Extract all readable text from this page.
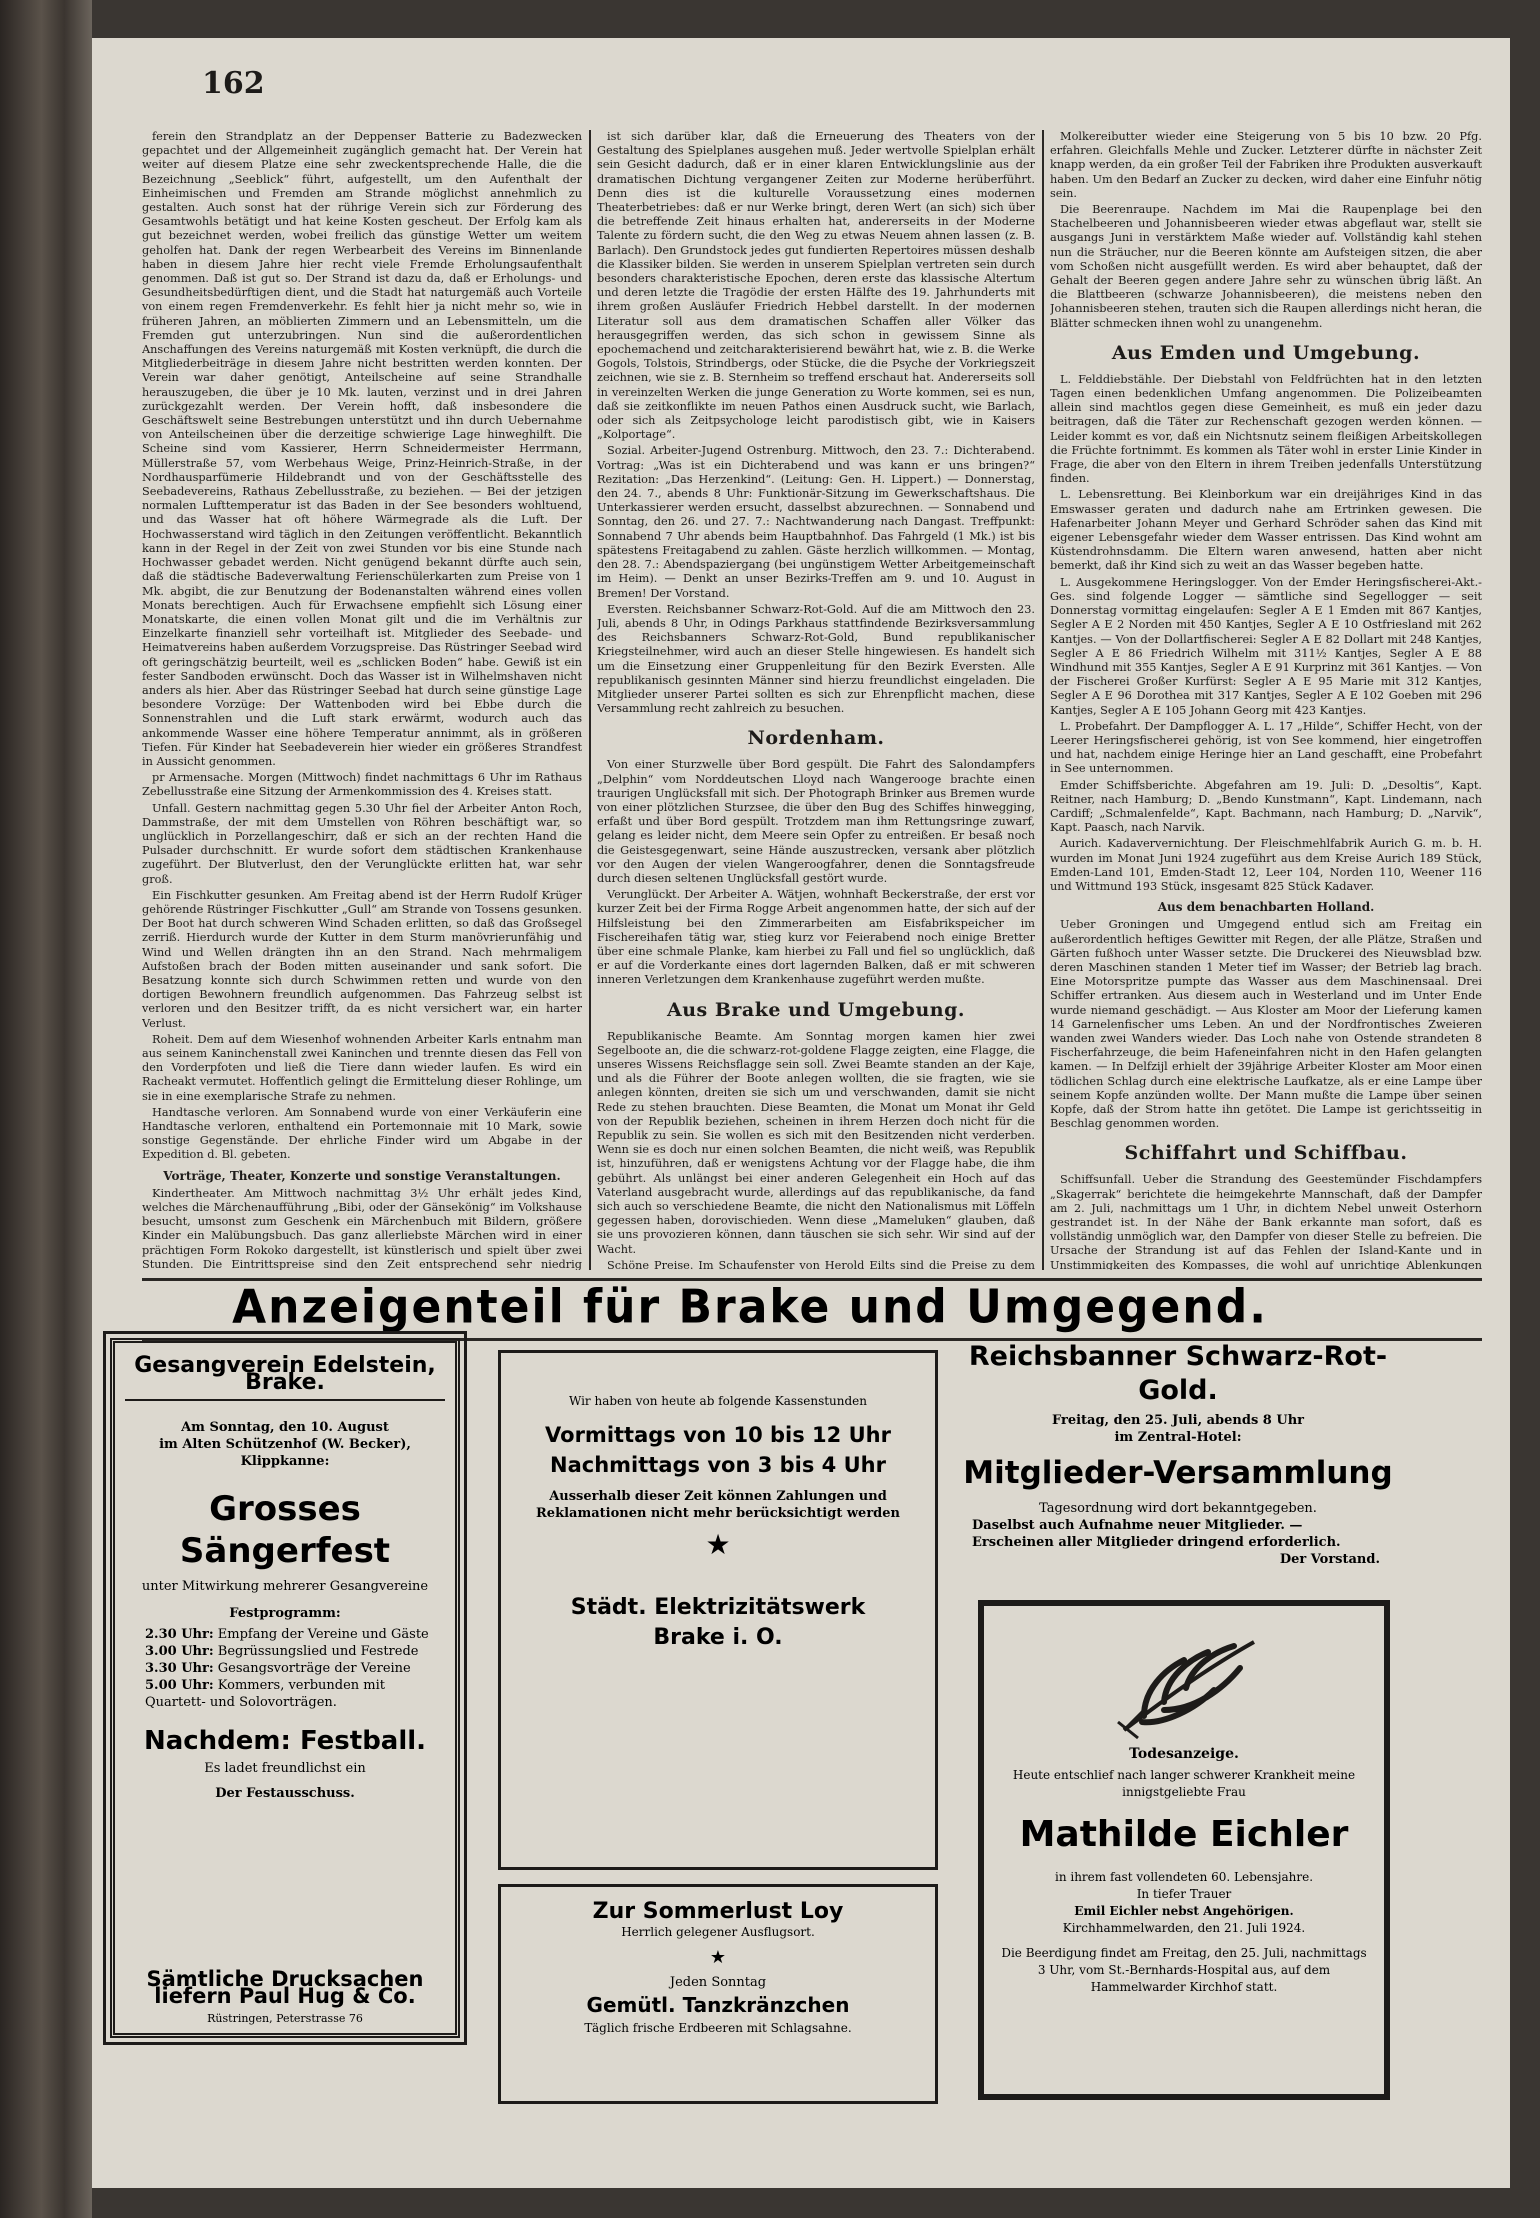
162

ferein den Strandplatz an der Deppenser Batterie zu Badezwecken gepachtet und der Allgemeinheit zugänglich gemacht hat. Der Verein hat weiter auf diesem Platze eine sehr zweckentsprechende Halle, die die Bezeichnung „Seeblick“ führt, aufgestellt, um den Aufenthalt der Einheimischen und Fremden am Strande möglichst annehmlich zu gestalten. Auch sonst hat der rührige Verein sich zur Förderung des Gesamtwohls betätigt und hat keine Kosten gescheut. Der Erfolg kam als gut bezeichnet werden, wobei freilich das günstige Wetter um weitem geholfen hat. Dank der regen Werbearbeit des Vereins im Binnenlande haben in diesem Jahre hier recht viele Fremde Erholungsaufenthalt genommen. Daß ist gut so. Der Strand ist dazu da, daß er Erholungs- und Gesundheitsbedürftigen dient, und die Stadt hat naturgemäß auch Vorteile von einem regen Fremdenverkehr. Es fehlt hier ja nicht mehr so, wie in früheren Jahren, an möblierten Zimmern und an Lebensmitteln, um die Fremden gut unterzubringen. Nun sind die außerordentlichen Anschaffungen des Vereins naturgemäß mit Kosten verknüpft, die durch die Mitgliederbeiträge in diesem Jahre nicht bestritten werden konnten. Der Verein war daher genötigt, Anteilscheine auf seine Strandhalle herauszugeben, die über je 10 Mk. lauten, verzinst und in drei Jahren zurückgezahlt werden. Der Verein hofft, daß insbesondere die Geschäftswelt seine Bestrebungen unterstützt und ihn durch Uebernahme von Anteilscheinen über die derzeitige schwierige Lage hinweghilft. Die Scheine sind vom Kassierer, Herrn Schneidermeister Herrmann, Müllerstraße 57, vom Werbehaus Weige, Prinz-Heinrich-Straße, in der Nordhausparfümerie Hildebrandt und von der Geschäftsstelle des Seebadevereins, Rathaus Zebellusstraße, zu beziehen. — Bei der jetzigen normalen Lufttemperatur ist das Baden in der See besonders wohltuend, und das Wasser hat oft höhere Wärmegrade als die Luft. Der Hochwasserstand wird täglich in den Zeitungen veröffentlicht. Bekanntlich kann in der Regel in der Zeit von zwei Stunden vor bis eine Stunde nach Hochwasser gebadet werden. Nicht genügend bekannt dürfte auch sein, daß die städtische Badeverwaltung Ferienschülerkarten zum Preise von 1 Mk. abgibt, die zur Benutzung der Bodenanstalten während eines vollen Monats berechtigen. Auch für Erwachsene empfiehlt sich Lösung einer Monatskarte, die einen vollen Monat gilt und die im Verhältnis zur Einzelkarte finanziell sehr vorteilhaft ist. Mitglieder des Seebade- und Heimatvereins haben außerdem Vorzugspreise. Das Rüstringer Seebad wird oft geringschätzig beurteilt, weil es „schlicken Boden“ habe. Gewiß ist ein fester Sandboden erwünscht. Doch das Wasser ist in Wilhelmshaven nicht anders als hier. Aber das Rüstringer Seebad hat durch seine günstige Lage besondere Vorzüge: Der Wattenboden wird bei Ebbe durch die Sonnenstrahlen und die Luft stark erwärmt, wodurch auch das ankommende Wasser eine höhere Temperatur annimmt, als in größeren Tiefen. Für Kinder hat Seebadeverein hier wieder ein größeres Strandfest in Aussicht genommen.

pr Armensache. Morgen (Mittwoch) findet nachmittags 6 Uhr im Rathaus Zebellusstraße eine Sitzung der Armenkommission des 4. Kreises statt.

Unfall. Gestern nachmittag gegen 5.30 Uhr fiel der Arbeiter Anton Roch, Dammstraße, der mit dem Umstellen von Röhren beschäftigt war, so unglücklich in Porzellangeschirr, daß er sich an der rechten Hand die Pulsader durchschnitt. Er wurde sofort dem städtischen Krankenhause zugeführt. Der Blutverlust, den der Verunglückte erlitten hat, war sehr groß.

Ein Fischkutter gesunken. Am Freitag abend ist der Herrn Rudolf Krüger gehörende Rüstringer Fischkutter „Gull“ am Strande von Tossens gesunken. Der Boot hat durch schweren Wind Schaden erlitten, so daß das Großsegel zerriß. Hierdurch wurde der Kutter in dem Sturm manövrierunfähig und Wind und Wellen drängten ihn an den Strand. Nach mehrmaligem Aufstoßen brach der Boden mitten auseinander und sank sofort. Die Besatzung konnte sich durch Schwimmen retten und wurde von den dortigen Bewohnern freundlich aufgenommen. Das Fahrzeug selbst ist verloren und den Besitzer trifft, da es nicht versichert war, ein harter Verlust.

Roheit. Dem auf dem Wiesenhof wohnenden Arbeiter Karls entnahm man aus seinem Kaninchenstall zwei Kaninchen und trennte diesen das Fell von den Vorderpfoten und ließ die Tiere dann wieder laufen. Es wird ein Racheakt vermutet. Hoffentlich gelingt die Ermittelung dieser Rohlinge, um sie in eine exemplarische Strafe zu nehmen.

Handtasche verloren. Am Sonnabend wurde von einer Verkäuferin eine Handtasche verloren, enthaltend ein Portemonnaie mit 10 Mark, sowie sonstige Gegenstände. Der ehrliche Finder wird um Abgabe in der Expedition d. Bl. gebeten.

Vorträge, Theater, Konzerte und sonstige Veranstaltungen.

Kindertheater. Am Mittwoch nachmittag 3½ Uhr erhält jedes Kind, welches die Märchenaufführung „Bibi, oder der Gänsekönig“ im Volkshause besucht, umsonst zum Geschenk ein Märchenbuch mit Bildern, größere Kinder ein Malübungsbuch. Das ganz allerliebste Märchen wird in einer prächtigen Form Rokoko dargestellt, ist künstlerisch und spielt über zwei Stunden. Die Eintrittspreise sind den Zeit entsprechend sehr niedrig

ist sich darüber klar, daß die Erneuerung des Theaters von der Gestaltung des Spielplanes ausgehen muß. Jeder wertvolle Spielplan erhält sein Gesicht dadurch, daß er in einer klaren Entwicklungslinie aus der dramatischen Dichtung vergangener Zeiten zur Moderne herüberführt. Denn dies ist die kulturelle Voraussetzung eines modernen Theaterbetriebes: daß er nur Werke bringt, deren Wert (an sich) sich über die betreffende Zeit hinaus erhalten hat, andererseits in der Moderne Talente zu fördern sucht, die den Weg zu etwas Neuem ahnen lassen (z. B. Barlach). Den Grundstock jedes gut fundierten Repertoires müssen deshalb die Klassiker bilden. Sie werden in unserem Spielplan vertreten sein durch besonders charakteristische Epochen, deren erste das klassische Altertum und deren letzte die Tragödie der ersten Hälfte des 19. Jahrhunderts mit ihrem großen Ausläufer Friedrich Hebbel darstellt. In der modernen Literatur soll aus dem dramatischen Schaffen aller Völker das herausgegriffen werden, das sich schon in gewissem Sinne als epochemachend und zeitcharakterisierend bewährt hat, wie z. B. die Werke Gogols, Tolstois, Strindbergs, oder Stücke, die die Psyche der Vorkriegszeit zeichnen, wie sie z. B. Sternheim so treffend erschaut hat. Andererseits soll in vereinzelten Werken die junge Generation zu Worte kommen, sei es nun, daß sie zeitkonflikte im neuen Pathos einen Ausdruck sucht, wie Barlach, oder sich als Zeitpsychologe leicht parodistisch gibt, wie in Kaisers „Kolportage“.

Sozial. Arbeiter-Jugend Ostrenburg. Mittwoch, den 23. 7.: Dichterabend. Vortrag: „Was ist ein Dichterabend und was kann er uns bringen?“ Rezitation: „Das Herzenkind“. (Leitung: Gen. H. Lippert.) — Donnerstag, den 24. 7., abends 8 Uhr: Funktionär-Sitzung im Gewerkschaftshaus. Die Unterkassierer werden ersucht, dasselbst abzurechnen. — Sonnabend und Sonntag, den 26. und 27. 7.: Nachtwanderung nach Dangast. Treffpunkt: Sonnabend 7 Uhr abends beim Hauptbahnhof. Das Fahrgeld (1 Mk.) ist bis spätestens Freitagabend zu zahlen. Gäste herzlich willkommen. — Montag, den 28. 7.: Abendspaziergang (bei ungünstigem Wetter Arbeitgemeinschaft im Heim). — Denkt an unser Bezirks-Treffen am 9. und 10. August in Bremen! Der Vorstand.

Eversten. Reichsbanner Schwarz-Rot-Gold. Auf die am Mittwoch den 23. Juli, abends 8 Uhr, in Odings Parkhaus stattfindende Bezirksversammlung des Reichsbanners Schwarz-Rot-Gold, Bund republikanischer Kriegsteilnehmer, wird auch an dieser Stelle hingewiesen. Es handelt sich um die Einsetzung einer Gruppenleitung für den Bezirk Eversten. Alle republikanisch gesinnten Männer sind hierzu freundlichst eingeladen. Die Mitglieder unserer Partei sollten es sich zur Ehrenpflicht machen, diese Versammlung recht zahlreich zu besuchen.

Nordenham.

Von einer Sturzwelle über Bord gespült. Die Fahrt des Salondampfers „Delphin“ vom Norddeutschen Lloyd nach Wangerooge brachte einen traurigen Unglücksfall mit sich. Der Photograph Brinker aus Bremen wurde von einer plötzlichen Sturzsee, die über den Bug des Schiffes hinwegging, erfaßt und über Bord gespült. Trotzdem man ihm Rettungsringe zuwarf, gelang es leider nicht, dem Meere sein Opfer zu entreißen. Er besaß noch die Geistesgegenwart, seine Hände auszustrecken, versank aber plötzlich vor den Augen der vielen Wangeroogfahrer, denen die Sonntagsfreude durch diesen seltenen Unglücksfall gestört wurde.

Verunglückt. Der Arbeiter A. Wätjen, wohnhaft Beckerstraße, der erst vor kurzer Zeit bei der Firma Rogge Arbeit angenommen hatte, der sich auf der Hilfsleistung bei den Zimmerarbeiten am Eisfabrikspeicher im Fischereihafen tätig war, stieg kurz vor Feierabend noch einige Bretter über eine schmale Planke, kam hierbei zu Fall und fiel so unglücklich, daß er auf die Vorderkante eines dort lagernden Balken, daß er mit schweren inneren Verletzungen dem Krankenhause zugeführt werden mußte.

Aus Brake und Umgebung.

Republikanische Beamte. Am Sonntag morgen kamen hier zwei Segelboote an, die die schwarz-rot-goldene Flagge zeigten, eine Flagge, die unseres Wissens Reichsflagge sein soll. Zwei Beamte standen an der Kaje, und als die Führer der Boote anlegen wollten, die sie fragten, wie sie anlegen könnten, dreiten sie sich um und verschwanden, damit sie nicht Rede zu stehen brauchten. Diese Beamten, die Monat um Monat ihr Geld von der Republik beziehen, scheinen in ihrem Herzen doch nicht für die Republik zu sein. Sie wollen es sich mit den Besitzenden nicht verderben. Wenn sie es doch nur einen solchen Beamten, die nicht weiß, was Republik ist, hinzuführen, daß er wenigstens Achtung vor der Flagge habe, die ihm gebührt. Als unlängst bei einer anderen Gelegenheit ein Hoch auf das Vaterland ausgebracht wurde, allerdings auf das republikanische, da fand sich auch so verschiedene Beamte, die nicht den Nationalismus mit Löffeln gegessen haben, dorovischieden. Wenn diese „Mameluken“ glauben, daß sie uns provozieren können, dann täuschen sie sich sehr. Wir sind auf der Wacht.

Schöne Preise. Im Schaufenster von Herold Eilts sind die Preise zu dem

Molkereibutter wieder eine Steigerung von 5 bis 10 bzw. 20 Pfg. erfahren. Gleichfalls Mehle und Zucker. Letzterer dürfte in nächster Zeit knapp werden, da ein großer Teil der Fabriken ihre Produkten ausverkauft haben. Um den Bedarf an Zucker zu decken, wird daher eine Einfuhr nötig sein.

Die Beerenraupe. Nachdem im Mai die Raupenplage bei den Stachelbeeren und Johannisbeeren wieder etwas abgeflaut war, stellt sie ausgangs Juni in verstärktem Maße wieder auf. Vollständig kahl stehen nun die Sträucher, nur die Beeren könnte am Aufsteigen sitzen, die aber vom Schoßen nicht ausgefüllt werden. Es wird aber behauptet, daß der Gehalt der Beeren gegen andere Jahre sehr zu wünschen übrig läßt. An die Blattbeeren (schwarze Johannisbeeren), die meistens neben den Johannisbeeren stehen, trauten sich die Raupen allerdings nicht heran, die Blätter schmecken ihnen wohl zu unangenehm.

Aus Emden und Umgebung.

L. Felddiebstähle. Der Diebstahl von Feldfrüchten hat in den letzten Tagen einen bedenklichen Umfang angenommen. Die Polizeibeamten allein sind machtlos gegen diese Gemeinheit, es muß ein jeder dazu beitragen, daß die Täter zur Rechenschaft gezogen werden können. — Leider kommt es vor, daß ein Nichtsnutz seinem fleißigen Arbeitskollegen die Früchte fortnimmt. Es kommen als Täter wohl in erster Linie Kinder in Frage, die aber von den Eltern in ihrem Treiben jedenfalls Unterstützung finden.

L. Lebensrettung. Bei Kleinborkum war ein dreijähriges Kind in das Emswasser geraten und dadurch nahe am Ertrinken gewesen. Die Hafenarbeiter Johann Meyer und Gerhard Schröder sahen das Kind mit eigener Lebensgefahr wieder dem Wasser entrissen. Das Kind wohnt am Küstendrohnsdamm. Die Eltern waren anwesend, hatten aber nicht bemerkt, daß ihr Kind sich zu weit an das Wasser begeben hatte.

L. Ausgekommene Heringslogger. Von der Emder Heringsfischerei-Akt.-Ges. sind folgende Logger — sämtliche sind Segellogger — seit Donnerstag vormittag eingelaufen: Segler A E 1 Emden mit 867 Kantjes, Segler A E 2 Norden mit 450 Kantjes, Segler A E 10 Ostfriesland mit 262 Kantjes. — Von der Dollartfischerei: Segler A E 82 Dollart mit 248 Kantjes, Segler A E 86 Friedrich Wilhelm mit 311½ Kantjes, Segler A E 88 Windhund mit 355 Kantjes, Segler A E 91 Kurprinz mit 361 Kantjes. — Von der Fischerei Großer Kurfürst: Segler A E 95 Marie mit 312 Kantjes, Segler A E 96 Dorothea mit 317 Kantjes, Segler A E 102 Goeben mit 296 Kantjes, Segler A E 105 Johann Georg mit 423 Kantjes.

L. Probefahrt. Der Dampflogger A. L. 17 „Hilde“, Schiffer Hecht, von der Leerer Heringsfischerei gehörig, ist von See kommend, hier eingetroffen und hat, nachdem einige Heringe hier an Land geschafft, eine Probefahrt in See unternommen.

Emder Schiffsberichte. Abgefahren am 19. Juli: D. „Desoltis“, Kapt. Reitner, nach Hamburg; D. „Bendo Kunstmann“, Kapt. Lindemann, nach Cardiff; „Schmalenfelde“, Kapt. Bachmann, nach Hamburg; D. „Narvik“, Kapt. Paasch, nach Narvik.

Aurich. Kadaververnichtung. Der Fleischmehlfabrik Aurich G. m. b. H. wurden im Monat Juni 1924 zugeführt aus dem Kreise Aurich 189 Stück, Emden-Land 101, Emden-Stadt 12, Leer 104, Norden 110, Weener 116 und Wittmund 193 Stück, insgesamt 825 Stück Kadaver.

Aus dem benachbarten Holland.

Ueber Groningen und Umgegend entlud sich am Freitag ein außerordentlich heftiges Gewitter mit Regen, der alle Plätze, Straßen und Gärten fußhoch unter Wasser setzte. Die Druckerei des Nieuwsblad bzw. deren Maschinen standen 1 Meter tief im Wasser; der Betrieb lag brach. Eine Motorspritze pumpte das Wasser aus dem Maschinensaal. Drei Schiffer ertranken. Aus diesem auch in Westerland und im Unter Ende wurde niemand geschädigt. — Aus Kloster am Moor der Lieferung kamen 14 Garnelenfischer ums Leben. An und der Nordfrontisches Zweieren wanden zwei Wanders wieder. Das Loch nahe von Ostende strandeten 8 Fischerfahrzeuge, die beim Hafeneinfahren nicht in den Hafen gelangten kamen. — In Delfzijl erhielt der 39jährige Arbeiter Kloster am Moor einen tödlichen Schlag durch eine elektrische Laufkatze, als er eine Lampe über seinem Kopfe anzünden wollte. Der Mann mußte die Lampe über seinen Kopfe, daß der Strom hatte ihn getötet. Die Lampe ist gerichtsseitig in Beschlag genommen worden.

Schiffahrt und Schiffbau.

Schiffsunfall. Ueber die Strandung des Geestemünder Fischdampfers „Skagerrak“ berichtete die heimgekehrte Mannschaft, daß der Dampfer am 2. Juli, nachmittags um 1 Uhr, in dichtem Nebel unweit Osterhorn gestrandet ist. In der Nähe der Bank erkannte man sofort, daß es vollständig unmöglich war, den Dampfer von dieser Stelle zu befreien. Die Ursache der Strandung ist auf das Fehlen der Island-Kante und in Unstimmigkeiten des Kompasses, die wohl auf unrichtige Ablenkungen

Anzeigenteil für Brake und Umgegend.
Gesangverein Edelstein, Brake.
Am Sonntag, den 10. August
im Alten Schützenhof (W. Becker), Klippkanne:
Grosses Sängerfest
unter Mitwirkung mehrerer Gesangvereine
Festprogramm:
2.30 Uhr: Empfang der Vereine und Gäste
3.00 Uhr: Begrüssungslied und Festrede
3.30 Uhr: Gesangsvorträge der Vereine
5.00 Uhr: Kommers, verbunden mit Quartett- und Solovorträgen.
Nachdem: Festball.
Es ladet freundlichst ein
Der Festausschuss.
Sämtliche Drucksachen liefern Paul Hug & Co.
Rüstringen, Peterstrasse 76
Wir haben von heute ab folgende Kassenstunden
Vormittags von 10 bis 12 Uhr
Nachmittags von 3 bis 4 Uhr
Ausserhalb dieser Zeit können Zahlungen und
Reklamationen nicht mehr berücksichtigt werden
★
Städt. Elektrizitätswerk
Brake i. O.
Zur Sommerlust Loy
Herrlich gelegener Ausflugsort.
★
Jeden Sonntag
Gemütl. Tanzkränzchen
Täglich frische Erdbeeren mit Schlagsahne.
Reichsbanner Schwarz-Rot-Gold.
Freitag, den 25. Juli, abends 8 Uhr
im Zentral-Hotel:
Mitglieder-Versammlung
Tagesordnung wird dort bekanntgegeben.
Daselbst auch Aufnahme neuer Mitglieder. — Erscheinen aller Mitglieder dringend erforderlich.
Der Vorstand.
Todesanzeige.
Heute entschlief nach langer schwerer Krankheit meine innigstgeliebte Frau
Mathilde Eichler
in ihrem fast vollendeten 60. Lebensjahre.
In tiefer Trauer
Emil Eichler nebst Angehörigen.
Kirchhammelwarden, den 21. Juli 1924.
Die Beerdigung findet am Freitag, den 25. Juli, nachmittags 3 Uhr, vom St.-Bernhards-Hospital aus, auf dem Hammelwarder Kirchhof statt.
